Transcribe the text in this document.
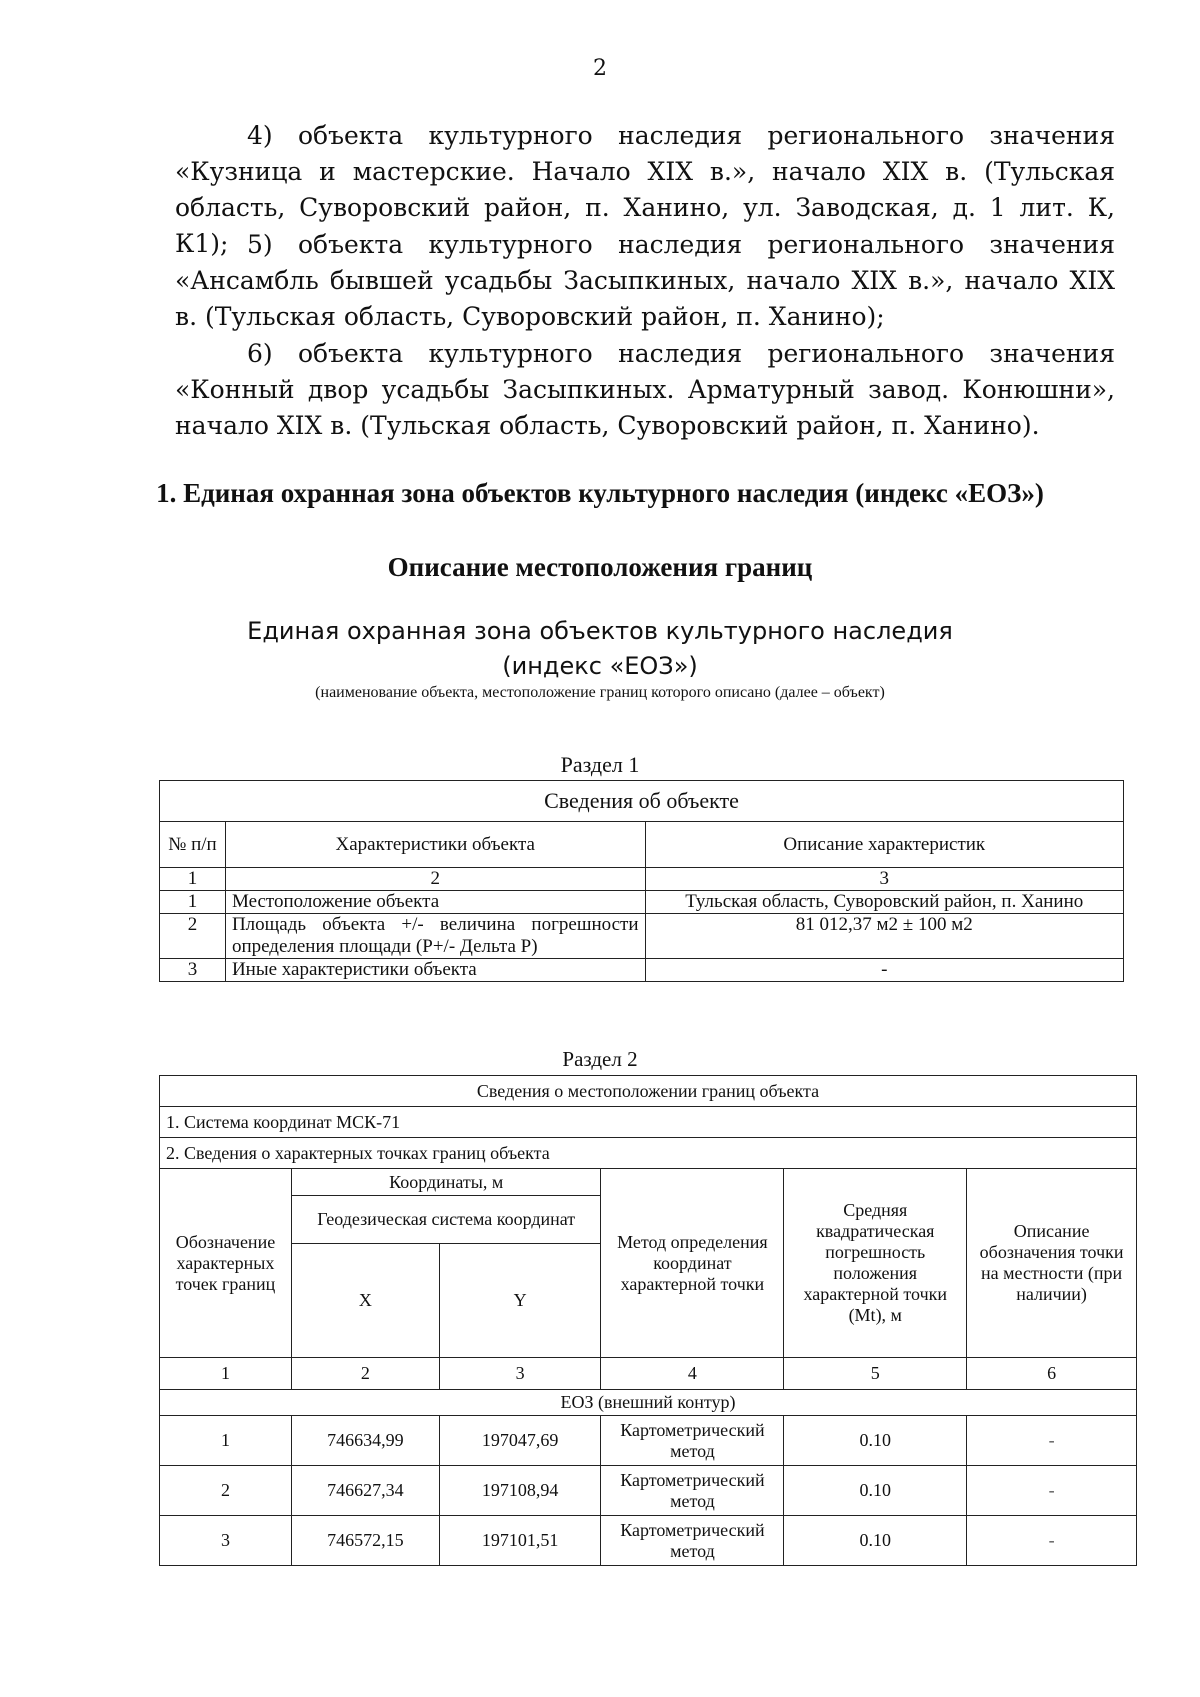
2
4) объекта культурного наследия регионального значения «Кузница и мастерские. Начало XIX в.», начало XIX в. (Тульская область, Суворовский район, п. Ханино, ул. Заводская, д. 1 лит. К, К1); 5) объекта культурного наследия регионального значения «Ансамбль бывшей усадьбы Засыпкиных, начало XIX в.», начало XIX в. (Тульская область, Суворовский район, п. Ханино);
6) объекта культурного наследия регионального значения «Конный двор усадьбы Засыпкиных. Арматурный завод. Конюшни», начало XIX в. (Тульская область, Суворовский район, п. Ханино).
1. Единая охранная зона объектов культурного наследия (индекс «ЕОЗ»)
Описание местоположения границ
Единая охранная зона объектов культурного наследия
(индекс «ЕОЗ»)
(наименование объекта, местоположение границ которого описано (далее – объект)
Раздел 1
Сведения об объекте		
№ п/п	Характеристики объекта	Описание характеристик
1	2	3
1	Местоположение объекта	Тульская область, Суворовский район, п. Ханино
2	Площадь объекта +/- величина погрешности определения площади (Р+/- Дельта Р)	81 012,37 м2 ± 100 м2
3	Иные характеристики объекта	-
Раздел 2
Сведения о местоположении границ объекта					
1. Система координат МСК-71					
2. Сведения о характерных точках границ объекта					
Обозначение характерных точек границ	Координаты, м		Метод определения координат характерной точки	Средняя квадратическая погрешность положения характерной точки (Mt), м	Описание обозначения точки на местности (при наличии)
	Геодезическая система координат				
	X	Y			
1	2	3	4	5	6
ЕОЗ (внешний контур)					
1	746634,99	197047,69	Картометрический метод	0.10	-
2	746627,34	197108,94	Картометрический метод	0.10	-
3	746572,15	197101,51	Картометрический метод	0.10	-
